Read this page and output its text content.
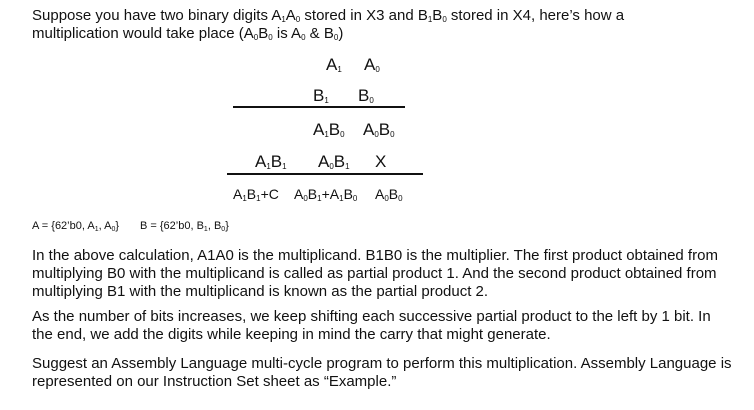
Suppose you have two binary digits $A_1A_0$ stored in X3 and $B_1B_0$ stored in X4, here’s how a
multiplication would take place ($A_0B_0$ is $A_0$ & $B_0$)

$A_1$ $A_0$
$B_1$ $B_0$
$A_1B_0$ $A_0B_0$
$A_1B_1$ $A_0B_1$ X
$A_1B_1+C$ $A_0B_1+A_1B_0$ $A_0B_0$
A = {62’b0, $A_1$, $A_0$} B = {62’b0, $B_1$, $B_0$}

In the above calculation, A1A0 is the multiplicand. B1B0 is the multiplier. The first product obtained from multiplying B0 with the multiplicand is called as partial product 1. And the second product obtained from multiplying B1 with the multiplicand is known as the partial product 2.

As the number of bits increases, we keep shifting each successive partial product to the left by 1 bit. In the end, we add the digits while keeping in mind the carry that might generate.

Suggest an Assembly Language multi-cycle program to perform this multiplication. Assembly Language is represented on our Instruction Set sheet as “Example.”
